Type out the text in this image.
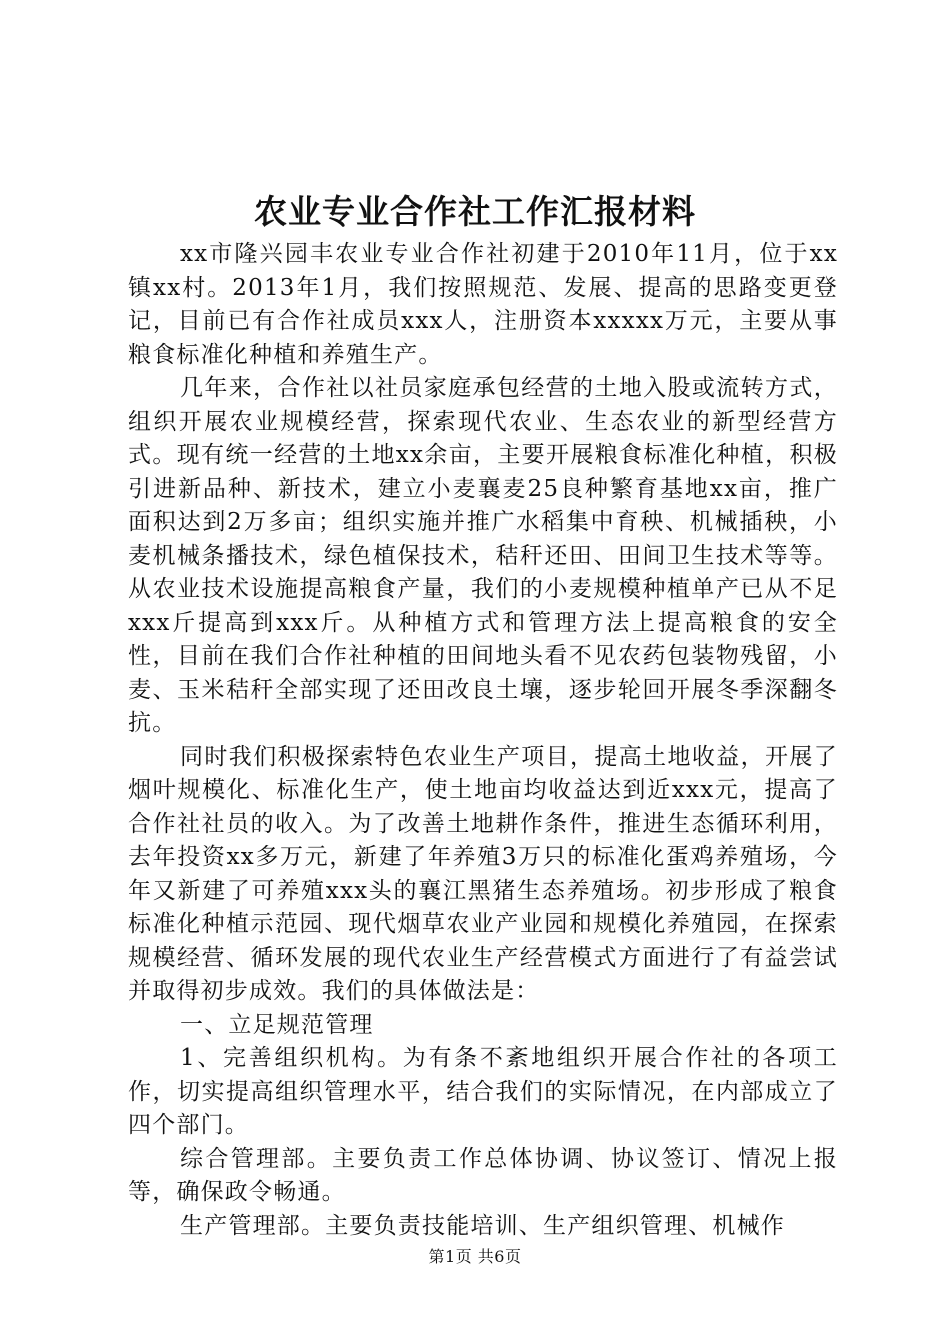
农业专业合作社工作汇报材料

xx市隆兴园丰农业专业合作社初建于2010年11月，位于xx镇xx村。2013年1月，我们按照规范、发展、提高的思路变更登记，目前已有合作社成员xxx人，注册资本xxxxx万元，主要从事粮食标准化种植和养殖生产。

几年来，合作社以社员家庭承包经营的土地入股或流转方式，组织开展农业规模经营，探索现代农业、生态农业的新型经营方式。现有统一经营的土地xx余亩，主要开展粮食标准化种植，积极引进新品种、新技术，建立小麦襄麦25良种繁育基地xx亩，推广面积达到2万多亩；组织实施并推广水稻集中育秧、机械插秧，小麦机械条播技术，绿色植保技术，秸秆还田、田间卫生技术等等。从农业技术设施提高粮食产量，我们的小麦规模种植单产已从不足xxx斤提高到xxx斤。从种植方式和管理方法上提高粮食的安全性，目前在我们合作社种植的田间地头看不见农药包装物残留，小麦、玉米秸秆全部实现了还田改良土壤，逐步轮回开展冬季深翻冬抗。

同时我们积极探索特色农业生产项目，提高土地收益，开展了烟叶规模化、标准化生产，使土地亩均收益达到近xxx元，提高了合作社社员的收入。为了改善土地耕作条件，推进生态循环利用，去年投资xx多万元，新建了年养殖3万只的标准化蛋鸡养殖场，今年又新建了可养殖xxx头的襄江黑猪生态养殖场。初步形成了粮食标准化种植示范园、现代烟草农业产业园和规模化养殖园，在探索规模经营、循环发展的现代农业生产经营模式方面进行了有益尝试并取得初步成效。我们的具体做法是：

一、立足规范管理

1、完善组织机构。为有条不紊地组织开展合作社的各项工作，切实提高组织管理水平，结合我们的实际情况，在内部成立了四个部门。

综合管理部。主要负责工作总体协调、协议签订、情况上报等，确保政令畅通。

生产管理部。主要负责技能培训、生产组织管理、机械作

第1页 共6页
